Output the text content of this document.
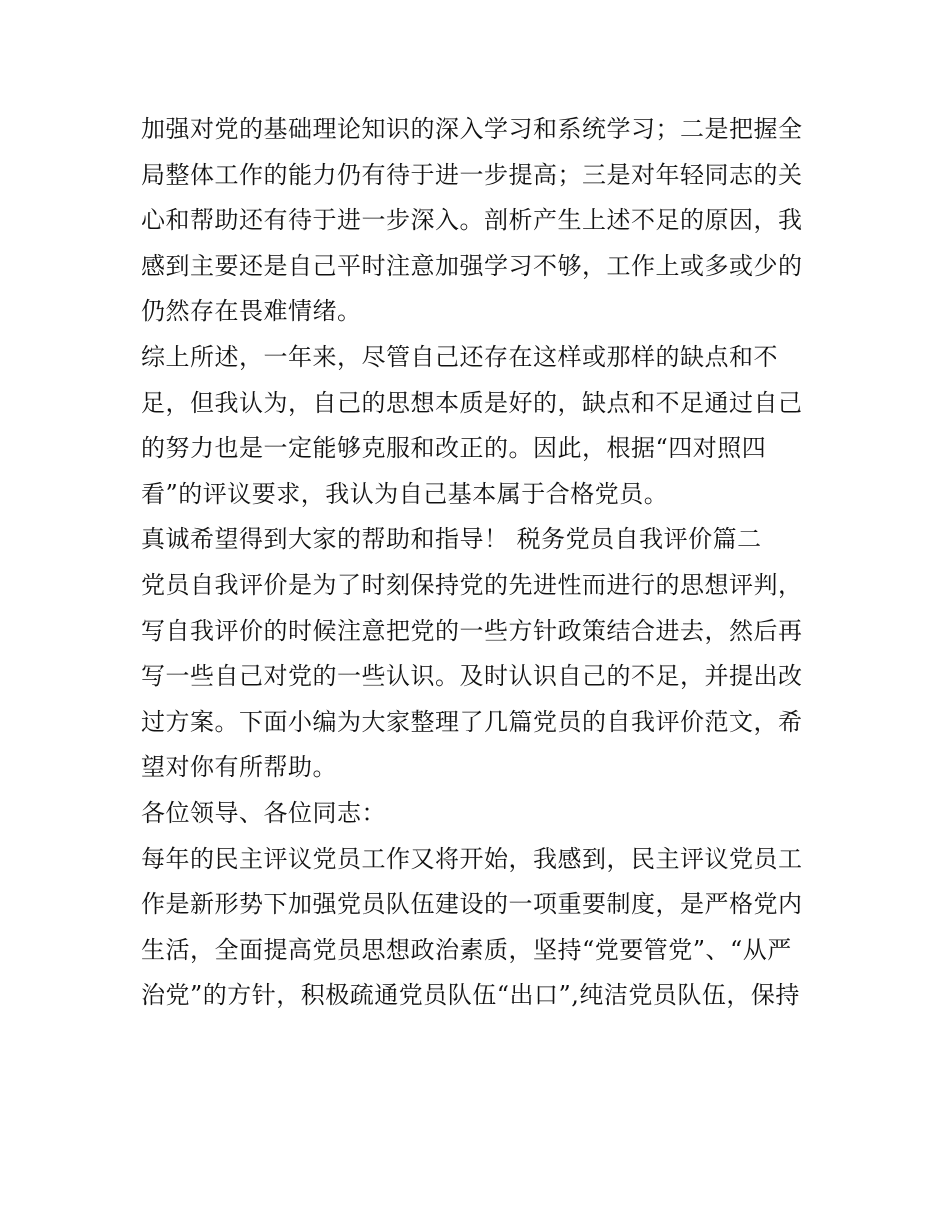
加强对党的基础理论知识的深入学习和系统学习；二是把握全
局整体工作的能力仍有待于进一步提高；三是对年轻同志的关
心和帮助还有待于进一步深入。剖析产生上述不足的原因，我
感到主要还是自己平时注意加强学习不够，工作上或多或少的
仍然存在畏难情绪。
综上所述，一年来，尽管自己还存在这样或那样的缺点和不
足，但我认为，自己的思想本质是好的，缺点和不足通过自己
的努力也是一定能够克服和改正的。因此，根据“四对照四
看”的评议要求，我认为自己基本属于合格党员。
真诚希望得到大家的帮助和指导！ 税务党员自我评价篇二
党员自我评价是为了时刻保持党的先进性而进行的思想评判，
写自我评价的时候注意把党的一些方针政策结合进去，然后再
写一些自己对党的一些认识。及时认识自己的不足，并提出改
过方案。下面小编为大家整理了几篇党员的自我评价范文，希
望对你有所帮助。
各位领导、各位同志：
每年的民主评议党员工作又将开始，我感到，民主评议党员工
作是新形势下加强党员队伍建设的一项重要制度，是严格党内
生活，全面提高党员思想政治素质，坚持“党要管党”、“从严
治党”的方针，积极疏通党员队伍“出口”,纯洁党员队伍，保持
